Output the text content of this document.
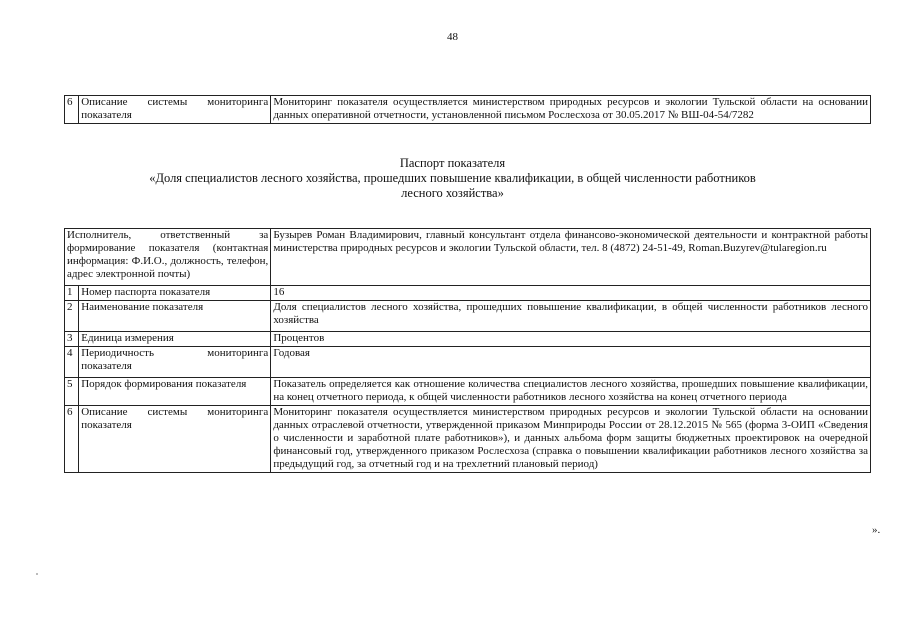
48
6	Описание системы мониторинга показателя	Мониторинг показателя осуществляется министерством природных ресурсов и экологии Тульской области на основании данных оперативной отчетности, установленной письмом Рослесхоза от 30.05.2017 № ВШ-04-54/7282
Паспорт показателя
«Доля специалистов лесного хозяйства, прошедших повышение квалификации, в общей численности работников
лесного хозяйства»
Исполнитель, ответственный за формирование показателя (контактная информация: Ф.И.О., должность, телефон, адрес электронной почты)		Бузырев Роман Владимирович, главный консультант отдела финансово-экономической деятельности и контрактной работы министерства природных ресурсов и экологии Тульской области, тел. 8 (4872) 24-51-49, Roman.Buzyrev@tularegion.ru
1	Номер паспорта показателя	16
2	Наименование показателя	Доля специалистов лесного хозяйства, прошедших повышение квалификации, в общей численности работников лесного хозяйства
3	Единица измерения	Процентов
4	Периодичность мониторинга показателя	Годовая
5	Порядок формирования показателя	Показатель определяется как отношение количества специалистов лесного хозяйства, прошедших повышение квалификации, на конец отчетного периода, к общей численности работников лесного хозяйства на конец отчетного периода
6	Описание системы мониторинга показателя	Мониторинг показателя осуществляется министерством природных ресурсов и экологии Тульской области на основании данных отраслевой отчетности, утвержденной приказом Минприроды России от 28.12.2015 № 565 (форма 3-ОИП «Сведения о численности и заработной плате работников»), и данных альбома форм защиты бюджетных проектировок на очередной финансовый год, утвержденного приказом Рослесхоза (справка о повышении квалификации работников лесного хозяйства за предыдущий год, за отчетный год и на трехлетний плановый период)
».
